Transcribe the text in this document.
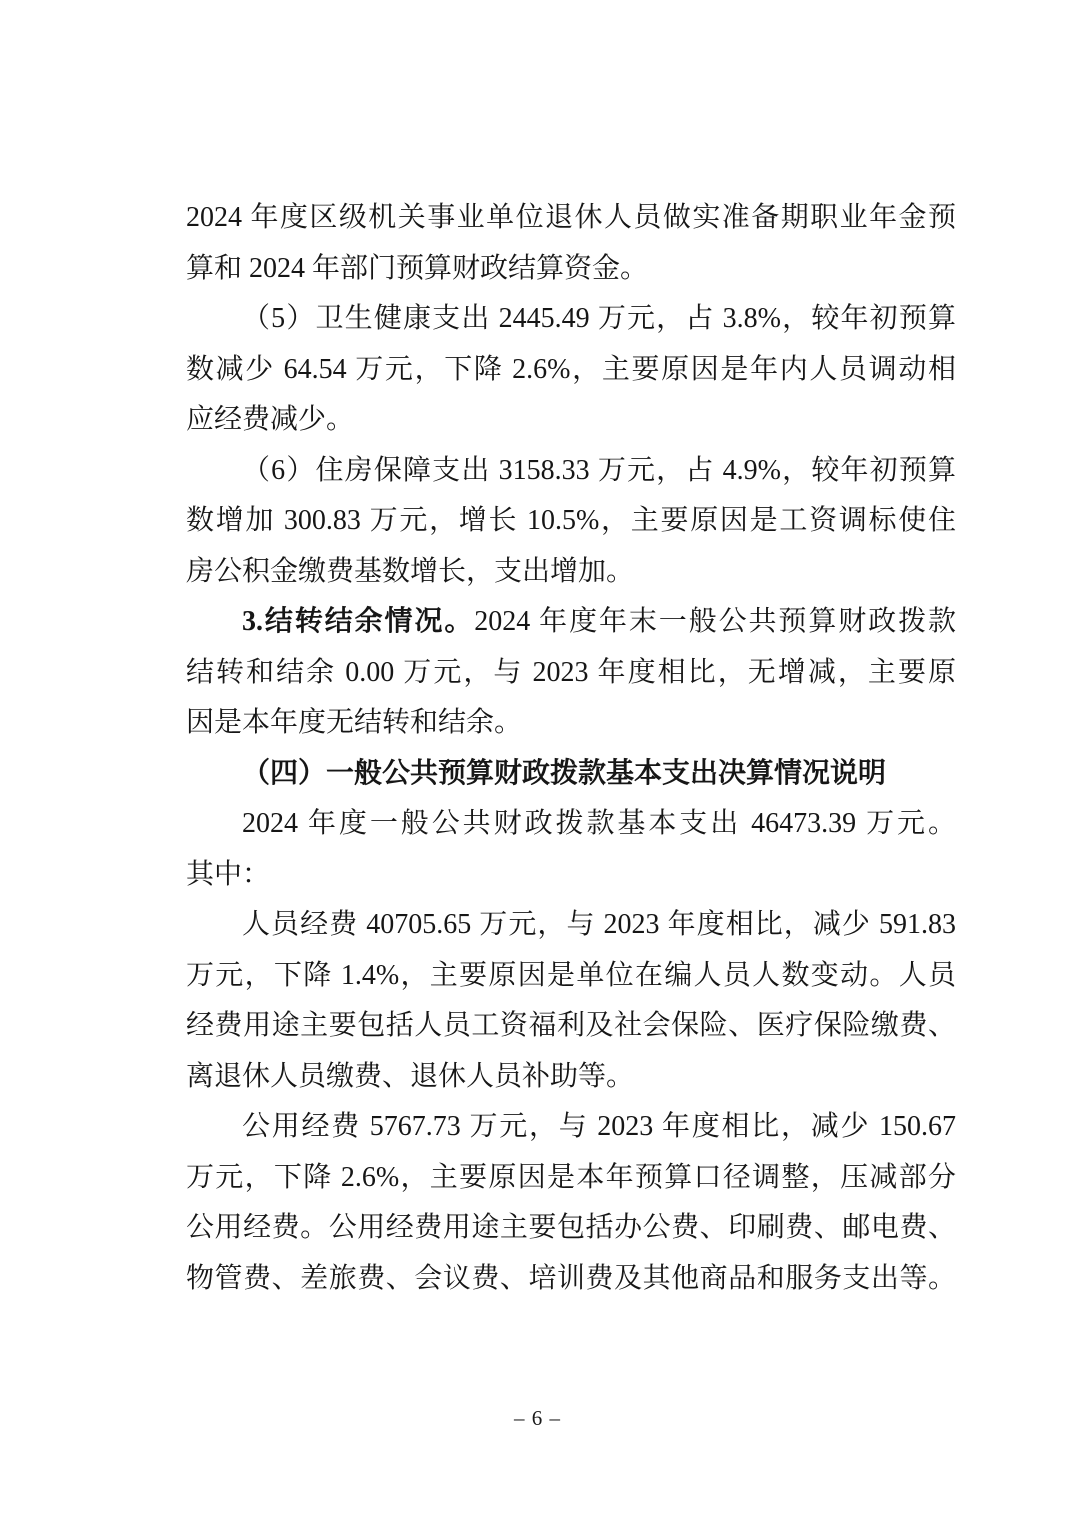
2024 年度区级机关事业单位退休人员做实准备期职业年金预
算和 2024 年部门预算财政结算资金。
（5）卫生健康支出 2445.49 万元，占 3.8%，较年初预算
数减少 64.54 万元，下降 2.6%，主要原因是年内人员调动相
应经费减少。
（6）住房保障支出 3158.33 万元，占 4.9%，较年初预算
数增加 300.83 万元，增长 10.5%，主要原因是工资调标使住
房公积金缴费基数增长，支出增加。
3.结转结余情况。2024 年度年末一般公共预算财政拨款
结转和结余 0.00 万元，与 2023 年度相比，无增减，主要原
因是本年度无结转和结余。
（四）一般公共预算财政拨款基本支出决算情况说明
2024 年度一般公共财政拨款基本支出 46473.39 万元。
其中：
人员经费 40705.65 万元，与 2023 年度相比，减少 591.83
万元，下降 1.4%，主要原因是单位在编人员人数变动。人员
经费用途主要包括人员工资福利及社会保险、医疗保险缴费、
离退休人员缴费、退休人员补助等。
公用经费 5767.73 万元，与 2023 年度相比，减少 150.67
万元，下降 2.6%，主要原因是本年预算口径调整，压减部分
公用经费。公用经费用途主要包括办公费、印刷费、邮电费、
物管费、差旅费、会议费、培训费及其他商品和服务支出等。
– 6 –
